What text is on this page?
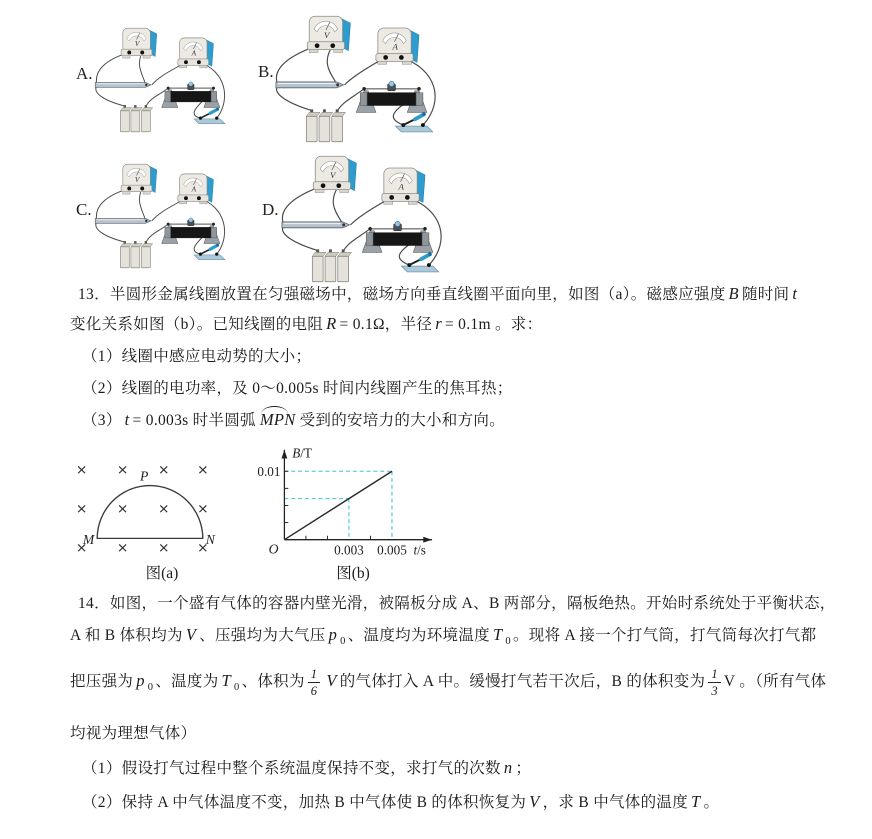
A.	B.
C.	D.
V
A
V
A
V
A
V
A
13．半圆形金属线圈放置在匀强磁场中，磁场方向垂直线圈平面向里，如图（a）。磁感应强度 B 随时间 t
变化关系如图（b）。已知线圈的电阻 R = 0.1Ω，半径 r = 0.1m 。求：
（1）线圈中感应电动势的大小；
（2）线圈的电功率，及 0～0.005s 时间内线圈产生的焦耳热；
（3） t = 0.003s 时半圆弧 MPN 受到的安培力的大小和方向。
× × × ×
× × × ×
× × × ×
M	N
P
图(a)
B/T
0.01
O	0.003 0.005 t/s
图(b)
14．如图，一个盛有气体的容器内壁光滑，被隔板分成 A、B 两部分，隔板绝热。开始时系统处于平衡状态，
A 和 B 体积均为 V 、压强均为大气压 p $_0$ 、温度均为环境温度 T $_0$ 。现将 A 接一个打气筒，打气筒每次打气都
把压强为 p $_0$ 、温度为 T $_0$ 、体积为 $\frac{1}{6}$ V 的气体打入 A 中。缓慢打气若干次后，B 的体积变为 $\frac{1}{3}$ V 。（所有气体
均视为理想气体）
（1）假设打气过程中整个系统温度保持不变，求打气的次数 n ；
（2）保持 A 中气体温度不变，加热 B 中气体使 B 的体积恢复为 V ，求 B 中气体的温度 T 。
